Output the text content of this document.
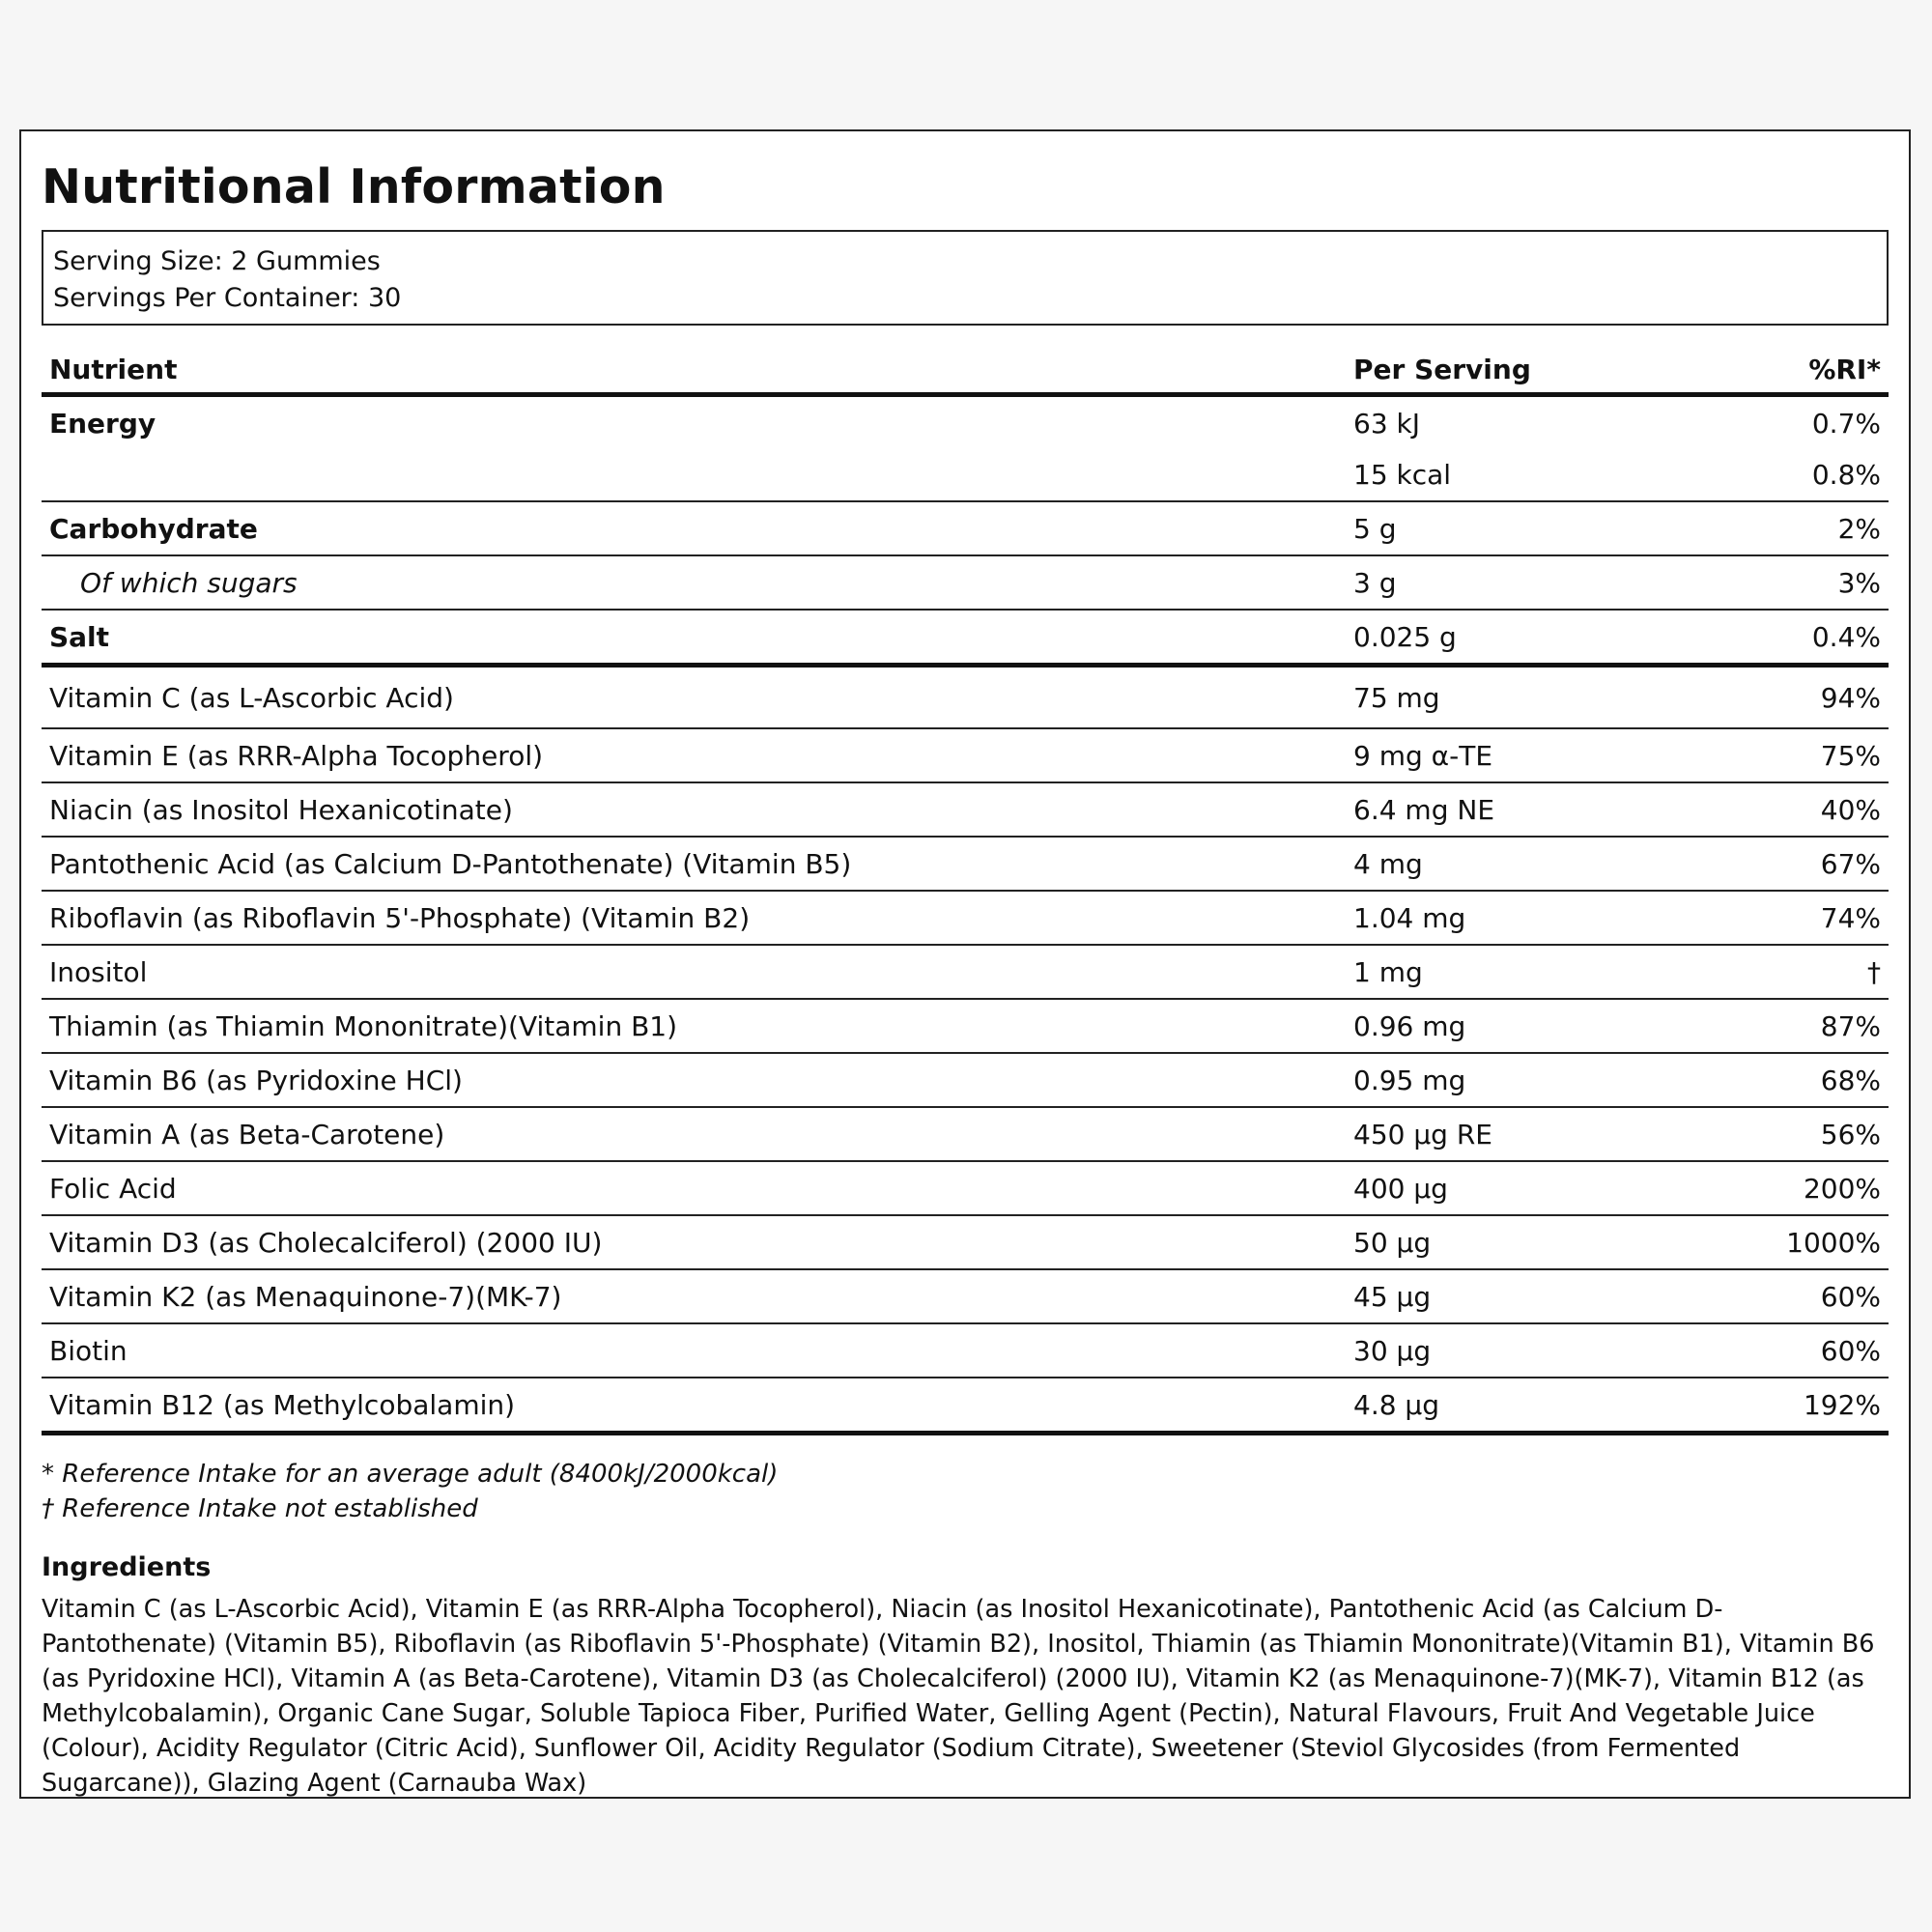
Nutritional Information
Serving Size: 2 Gummies
Servings Per Container: 30
Nutrient	Per Serving	%RI*
Energy	63 kJ	0.7%
	15 kcal	0.8%
Carbohydrate	5 g	2%
Of which sugars	3 g	3%
Salt	0.025 g	0.4%
Vitamin C (as L-Ascorbic Acid)	75 mg	94%
Vitamin E (as RRR-Alpha Tocopherol)	9 mg α-TE	75%
Niacin (as Inositol Hexanicotinate)	6.4 mg NE	40%
Pantothenic Acid (as Calcium D-Pantothenate) (Vitamin B5)	4 mg	67%
Riboflavin (as Riboflavin 5'-Phosphate) (Vitamin B2)	1.04 mg	74%
Inositol	1 mg	†
Thiamin (as Thiamin Mononitrate)(Vitamin B1)	0.96 mg	87%
Vitamin B6 (as Pyridoxine HCl)	0.95 mg	68%
Vitamin A (as Beta-Carotene)	450 µg RE	56%
Folic Acid	400 µg	200%
Vitamin D3 (as Cholecalciferol) (2000 IU)	50 µg	1000%
Vitamin K2 (as Menaquinone-7)(MK-7)	45 µg	60%
Biotin	30 µg	60%
Vitamin B12 (as Methylcobalamin)	4.8 µg	192%
* Reference Intake for an average adult (8400kJ/2000kcal)
† Reference Intake not established
Ingredients
Vitamin C (as L-Ascorbic Acid), Vitamin E (as RRR-Alpha Tocopherol), Niacin (as Inositol Hexanicotinate), Pantothenic Acid (as Calcium D-Pantothenate) (Vitamin B5), Riboflavin (as Riboflavin 5'-Phosphate) (Vitamin B2), Inositol, Thiamin (as Thiamin Mononitrate)(Vitamin B1), Vitamin B6 (as Pyridoxine HCl), Vitamin A (as Beta-Carotene), Vitamin D3 (as Cholecalciferol) (2000 IU), Vitamin K2 (as Menaquinone-7)(MK-7), Vitamin B12 (as Methylcobalamin), Organic Cane Sugar, Soluble Tapioca Fiber, Purified Water, Gelling Agent (Pectin), Natural Flavours, Fruit And Vegetable Juice (Colour), Acidity Regulator (Citric Acid), Sunflower Oil, Acidity Regulator (Sodium Citrate), Sweetener (Steviol Glycosides (from Fermented Sugarcane)), Glazing Agent (Carnauba Wax)
